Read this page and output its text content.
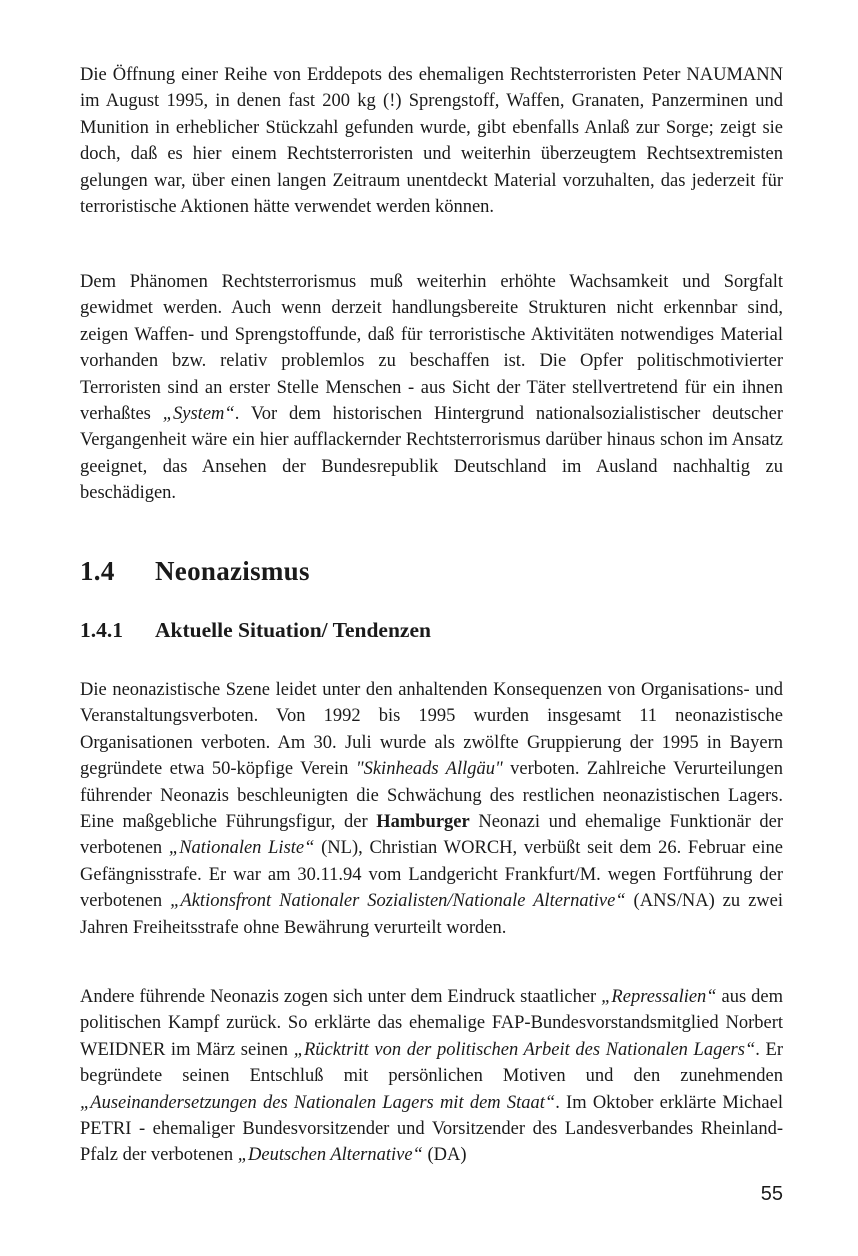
Die Öffnung einer Reihe von Erddepots des ehemaligen Rechtsterroristen Peter NAUMANN im August 1995, in denen fast 200 kg (!) Sprengstoff, Waffen, Granaten, Panzerminen und Munition in erheblicher Stückzahl gefunden wurde, gibt ebenfalls Anlaß zur Sorge; zeigt sie doch, daß es hier einem Rechtsterroristen und weiterhin überzeugtem Rechtsextremisten gelungen war, über einen langen Zeitraum unentdeckt Material vorzuhalten, das jederzeit für terroristische Aktionen hätte verwendet werden können.

Dem Phänomen Rechtsterrorismus muß weiterhin erhöhte Wachsamkeit und Sorgfalt gewidmet werden. Auch wenn derzeit handlungsbereite Strukturen nicht erkennbar sind, zeigen Waffen- und Sprengstoffunde, daß für terroristische Aktivitäten notwendiges Material vorhanden bzw. relativ problemlos zu beschaffen ist. Die Opfer politischmotivierter Terroristen sind an erster Stelle Menschen - aus Sicht der Täter stellvertretend für ein ihnen verhaßtes „System“. Vor dem historischen Hintergrund nationalsozialistischer deutscher Vergangenheit wäre ein hier aufflackernder Rechtsterrorismus darüber hinaus schon im Ansatz geeignet, das Ansehen der Bundesrepublik Deutschland im Ausland nachhaltig zu beschädigen.

1.4 Neonazismus
1.4.1 Aktuelle Situation/ Tendenzen

Die neonazistische Szene leidet unter den anhaltenden Konsequenzen von Organisations- und Veranstaltungsverboten. Von 1992 bis 1995 wurden insgesamt 11 neonazistische Organisationen verboten. Am 30. Juli wurde als zwölfte Gruppierung der 1995 in Bayern gegründete etwa 50-köpfige Verein "Skinheads Allgäu" verboten. Zahlreiche Verurteilungen führender Neonazis beschleunigten die Schwächung des restlichen neonazistischen Lagers. Eine maßgebliche Führungsfigur, der Hamburger Neonazi und ehemalige Funktionär der verbotenen „Nationalen Liste“ (NL), Christian WORCH, verbüßt seit dem 26. Februar eine Gefängnisstrafe. Er war am 30.11.94 vom Landgericht Frankfurt/M. wegen Fortführung der verbotenen „Aktionsfront Nationaler Sozialisten/Nationale Alternative“ (ANS/NA) zu zwei Jahren Freiheitsstrafe ohne Bewährung verurteilt worden.

Andere führende Neonazis zogen sich unter dem Eindruck staatlicher „Repressalien“ aus dem politischen Kampf zurück. So erklärte das ehemalige FAP-Bundesvorstandsmitglied Norbert WEIDNER im März seinen „Rücktritt von der politischen Arbeit des Nationalen Lagers“. Er begründete seinen Entschluß mit persönlichen Motiven und den zunehmenden „Auseinandersetzungen des Nationalen Lagers mit dem Staat“. Im Oktober erklärte Michael PETRI - ehemaliger Bundesvorsitzender und Vorsitzender des Landesverbandes Rheinland-Pfalz der verbotenen „Deutschen Alternative“ (DA)

55
